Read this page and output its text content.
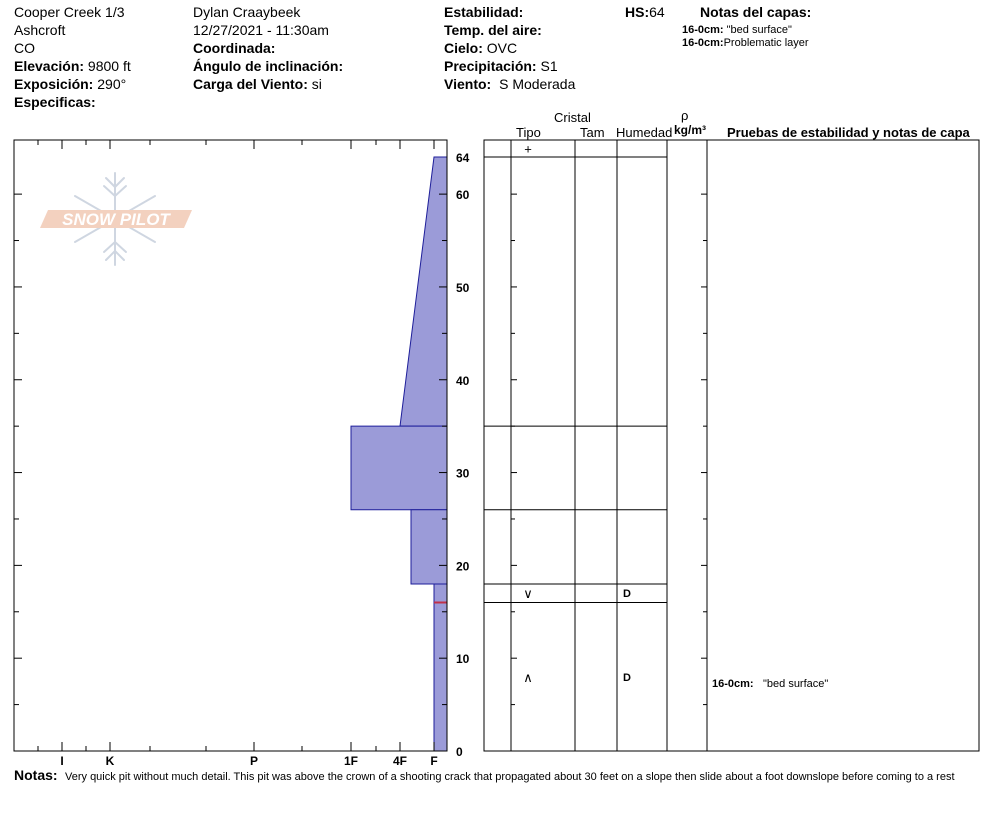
Cooper Creek 1/3
Ashcroft
CO
Elevación: 9800 ft
Exposición: 290°
Especificas:
Dylan Craaybeek
12/27/2021 - 11:30am
Coordinada:
Ángulo de inclinación:
Carga del Viento: si
Estabilidad:
Temp. del aire:
Cielo: OVC
Precipitación: S1
Viento: S Moderada
HS:64	Notas del capas:
16-0cm: "bed surface"
16-0cm:Problematic layer
Cristal
Tipo	Tam Humedad
ρ
kg/m³ Pruebas de estabilidad y notas de capa
SNOW PILOT
I	K	P	1F	4F F
0
10
20
30
40
50
60
64
+
∨	D
∧	D
16-0cm: "bed surface"
Notas: Very quick pit without much detail. This pit was above the crown of a shooting crack that propagated about 30 feet on a slope then slide about a foot downslope before coming to a rest
